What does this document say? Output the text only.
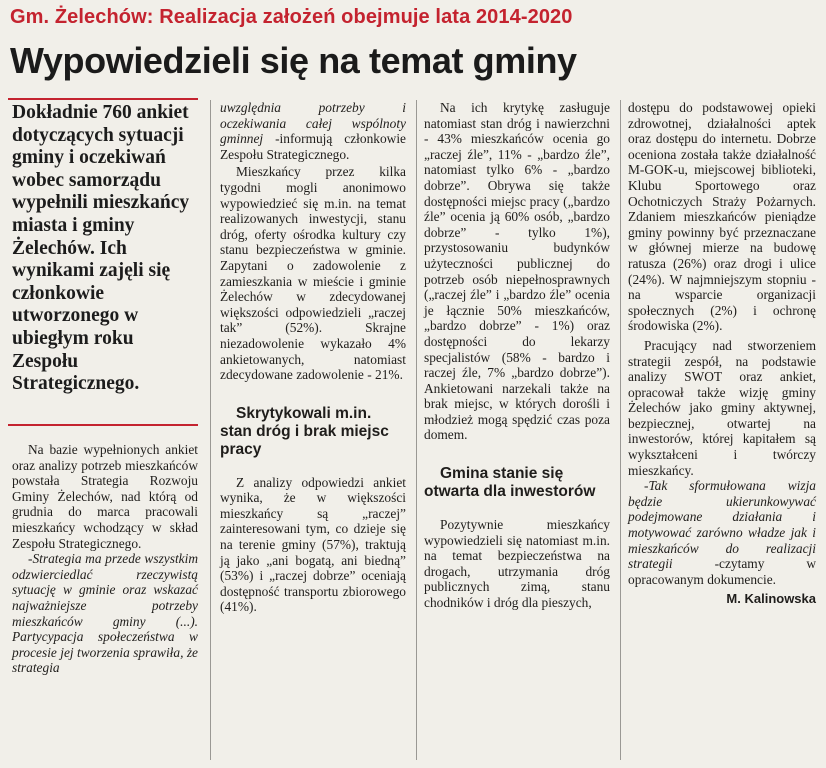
Gm. Żelechów: Realizacja założeń obejmuje lata 2014-2020
Wypowiedzieli się na temat gminy
Dokładnie 760 ankiet dotyczących sytuacji gminy i oczekiwań wobec samorządu wypełnili mieszkańcy miasta i gminy Żelechów. Ich wynikami zajęli się członkowie utworzonego w ubiegłym roku Zespołu Strategicznego.

Na bazie wypełnionych ankiet oraz analizy potrzeb mieszkańców powstała Strategia Rozwoju Gminy Żelechów, nad którą od grudnia do marca pracowali mieszkańcy wchodzący w skład Zespołu Strategicznego.

-Strategia ma przede wszystkim odzwierciedlać rzeczywistą sytuację w gminie oraz wskazać najważniejsze potrzeby mieszkańców gminy (...). Partycypacja społeczeństwa w procesie jej tworzenia sprawiła, że strategia

uwzględnia potrzeby i oczekiwania całej wspólnoty gminnej -informują członkowie Zespołu Strategicznego.

Mieszkańcy przez kilka tygodni mogli anonimowo wypowiedzieć się m.in. na temat realizowanych inwestycji, stanu dróg, oferty ośrodka kultury czy stanu bezpieczeństwa w gminie. Zapytani o zadowolenie z zamieszkania w mieście i gminie Żelechów w zdecydowanej większości odpowiedzieli „raczej tak” (52%). Skrajne niezadowolenie wykazało 4% ankietowanych, natomiast zdecydowane zadowolenie - 21%.

Skrytykowali m.in. stan dróg i brak miejsc pracy

Z analizy odpowiedzi ankiet wynika, że w większości mieszkańcy są „raczej” zainteresowani tym, co dzieje się na terenie gminy (57%), traktują ją jako „ani bogatą, ani biedną” (53%) i „raczej dobrze” oceniają dostępność transportu zbiorowego (41%).

Na ich krytykę zasługuje natomiast stan dróg i nawierzchni - 43% mieszkańców ocenia go „raczej źle”, 11% - „bardzo źle”, natomiast tylko 6% - „bardzo dobrze”. Obrywa się także dostępności miejsc pracy („bardzo źle” ocenia ją 60% osób, „bardzo dobrze” - tylko 1%), przystosowaniu budynków użyteczności publicznej do potrzeb osób niepełnosprawnych („raczej źle” i „bardzo źle” ocenia je łącznie 50% mieszkańców, „bardzo dobrze” - 1%) oraz dostępności do lekarzy specjalistów (58% - bardzo i raczej źle, 7% „bardzo dobrze”). Ankietowani narzekali także na brak miejsc, w których dorośli i młodzież mogą spędzić czas poza domem.

Gmina stanie się otwarta dla inwestorów

Pozytywnie mieszkańcy wypowiedzieli się natomiast m.in. na temat bezpieczeństwa na drogach, utrzymania dróg publicznych zimą, stanu chodników i dróg dla pieszych,

dostępu do podstawowej opieki zdrowotnej, działalności aptek oraz dostępu do internetu. Dobrze oceniona została także działalność M-GOK-u, miejscowej biblioteki, Klubu Sportowego oraz Ochotniczych Straży Pożarnych. Zdaniem mieszkańców pieniądze gminy powinny być przeznaczane w głównej mierze na budowę ratusza (26%) oraz drogi i ulice (24%). W najmniejszym stopniu - na wsparcie organizacji społecznych (2%) i ochronę środowiska (2%).

Pracujący nad stworzeniem strategii zespół, na podstawie analizy SWOT oraz ankiet, opracował także wizję gminy Żelechów jako gminy aktywnej, bezpiecznej, otwartej na inwestorów, której kapitałem są wykształceni i twórczy mieszkańcy.

-Tak sformułowana wizja będzie ukierunkowywać podejmowane działania i motywować zarówno władze jak i mieszkańców do realizacji strategii -czytamy w opracowanym dokumencie.

M. Kalinowska
